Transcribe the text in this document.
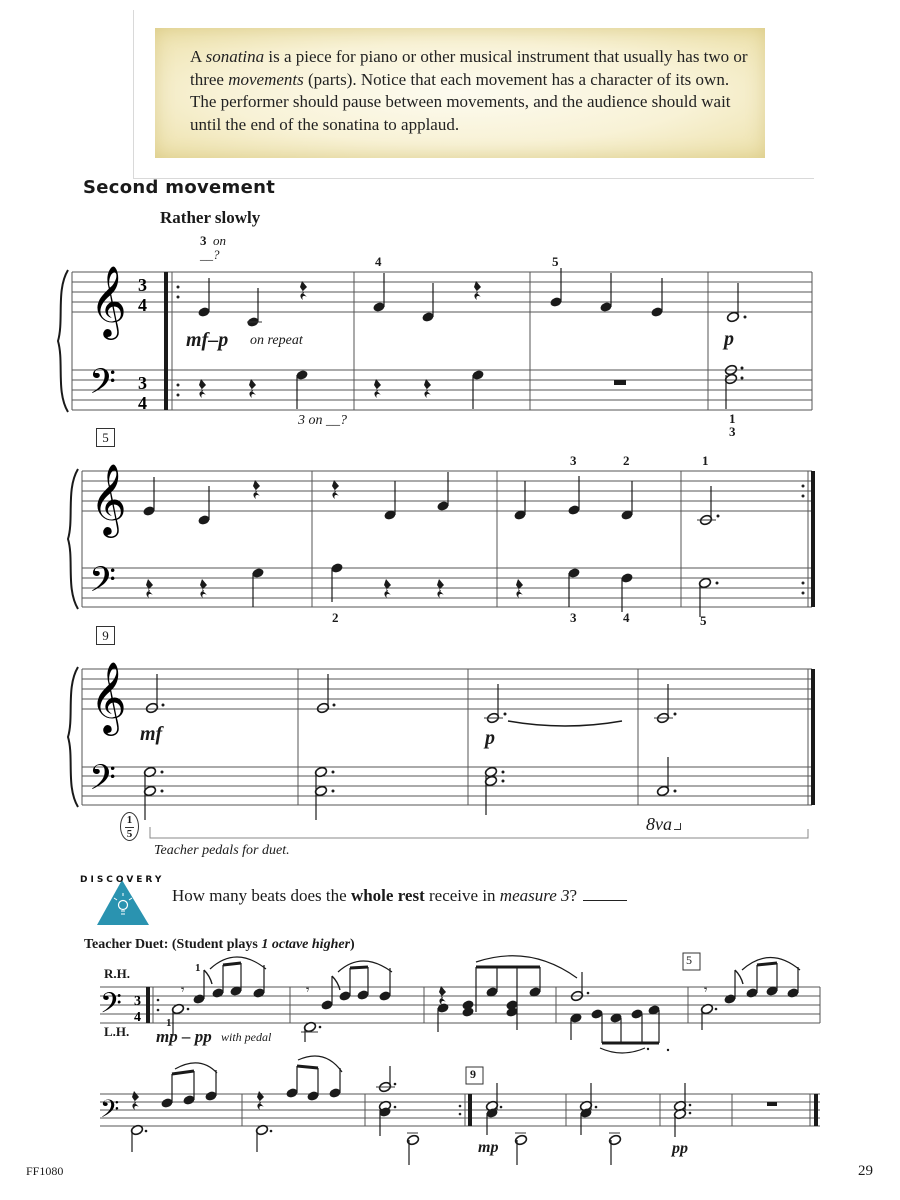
A sonatina is a piece for piano or other musical instrument that usually has two or three movements (parts). Notice that each movement has a character of its own. The performer should pause between movements, and the audience should wait until the end of the sonatina to applaud.
Second movement
Rather slowly
𝄞
𝄢
3
4
3
4
𝄞
𝄢
𝄞
𝄢
𝄢 3
4
𝄾	𝄾	𝄾
𝄢
3 on
__?
mf–p on repeat
3 on __?
4	5
p
1
3
5
2
3	2
3	4
1
5
9
mf	p
1
5	8va
Teacher pedals for duet.
DISCOVERY
How many beats does the whole rest receive in measure 3?
Teacher Duet: (Student plays 1 octave higher)
R.H.
L.H.
1
1
mp – pp with pedal
5
9
mp	pp
FF1080	29
